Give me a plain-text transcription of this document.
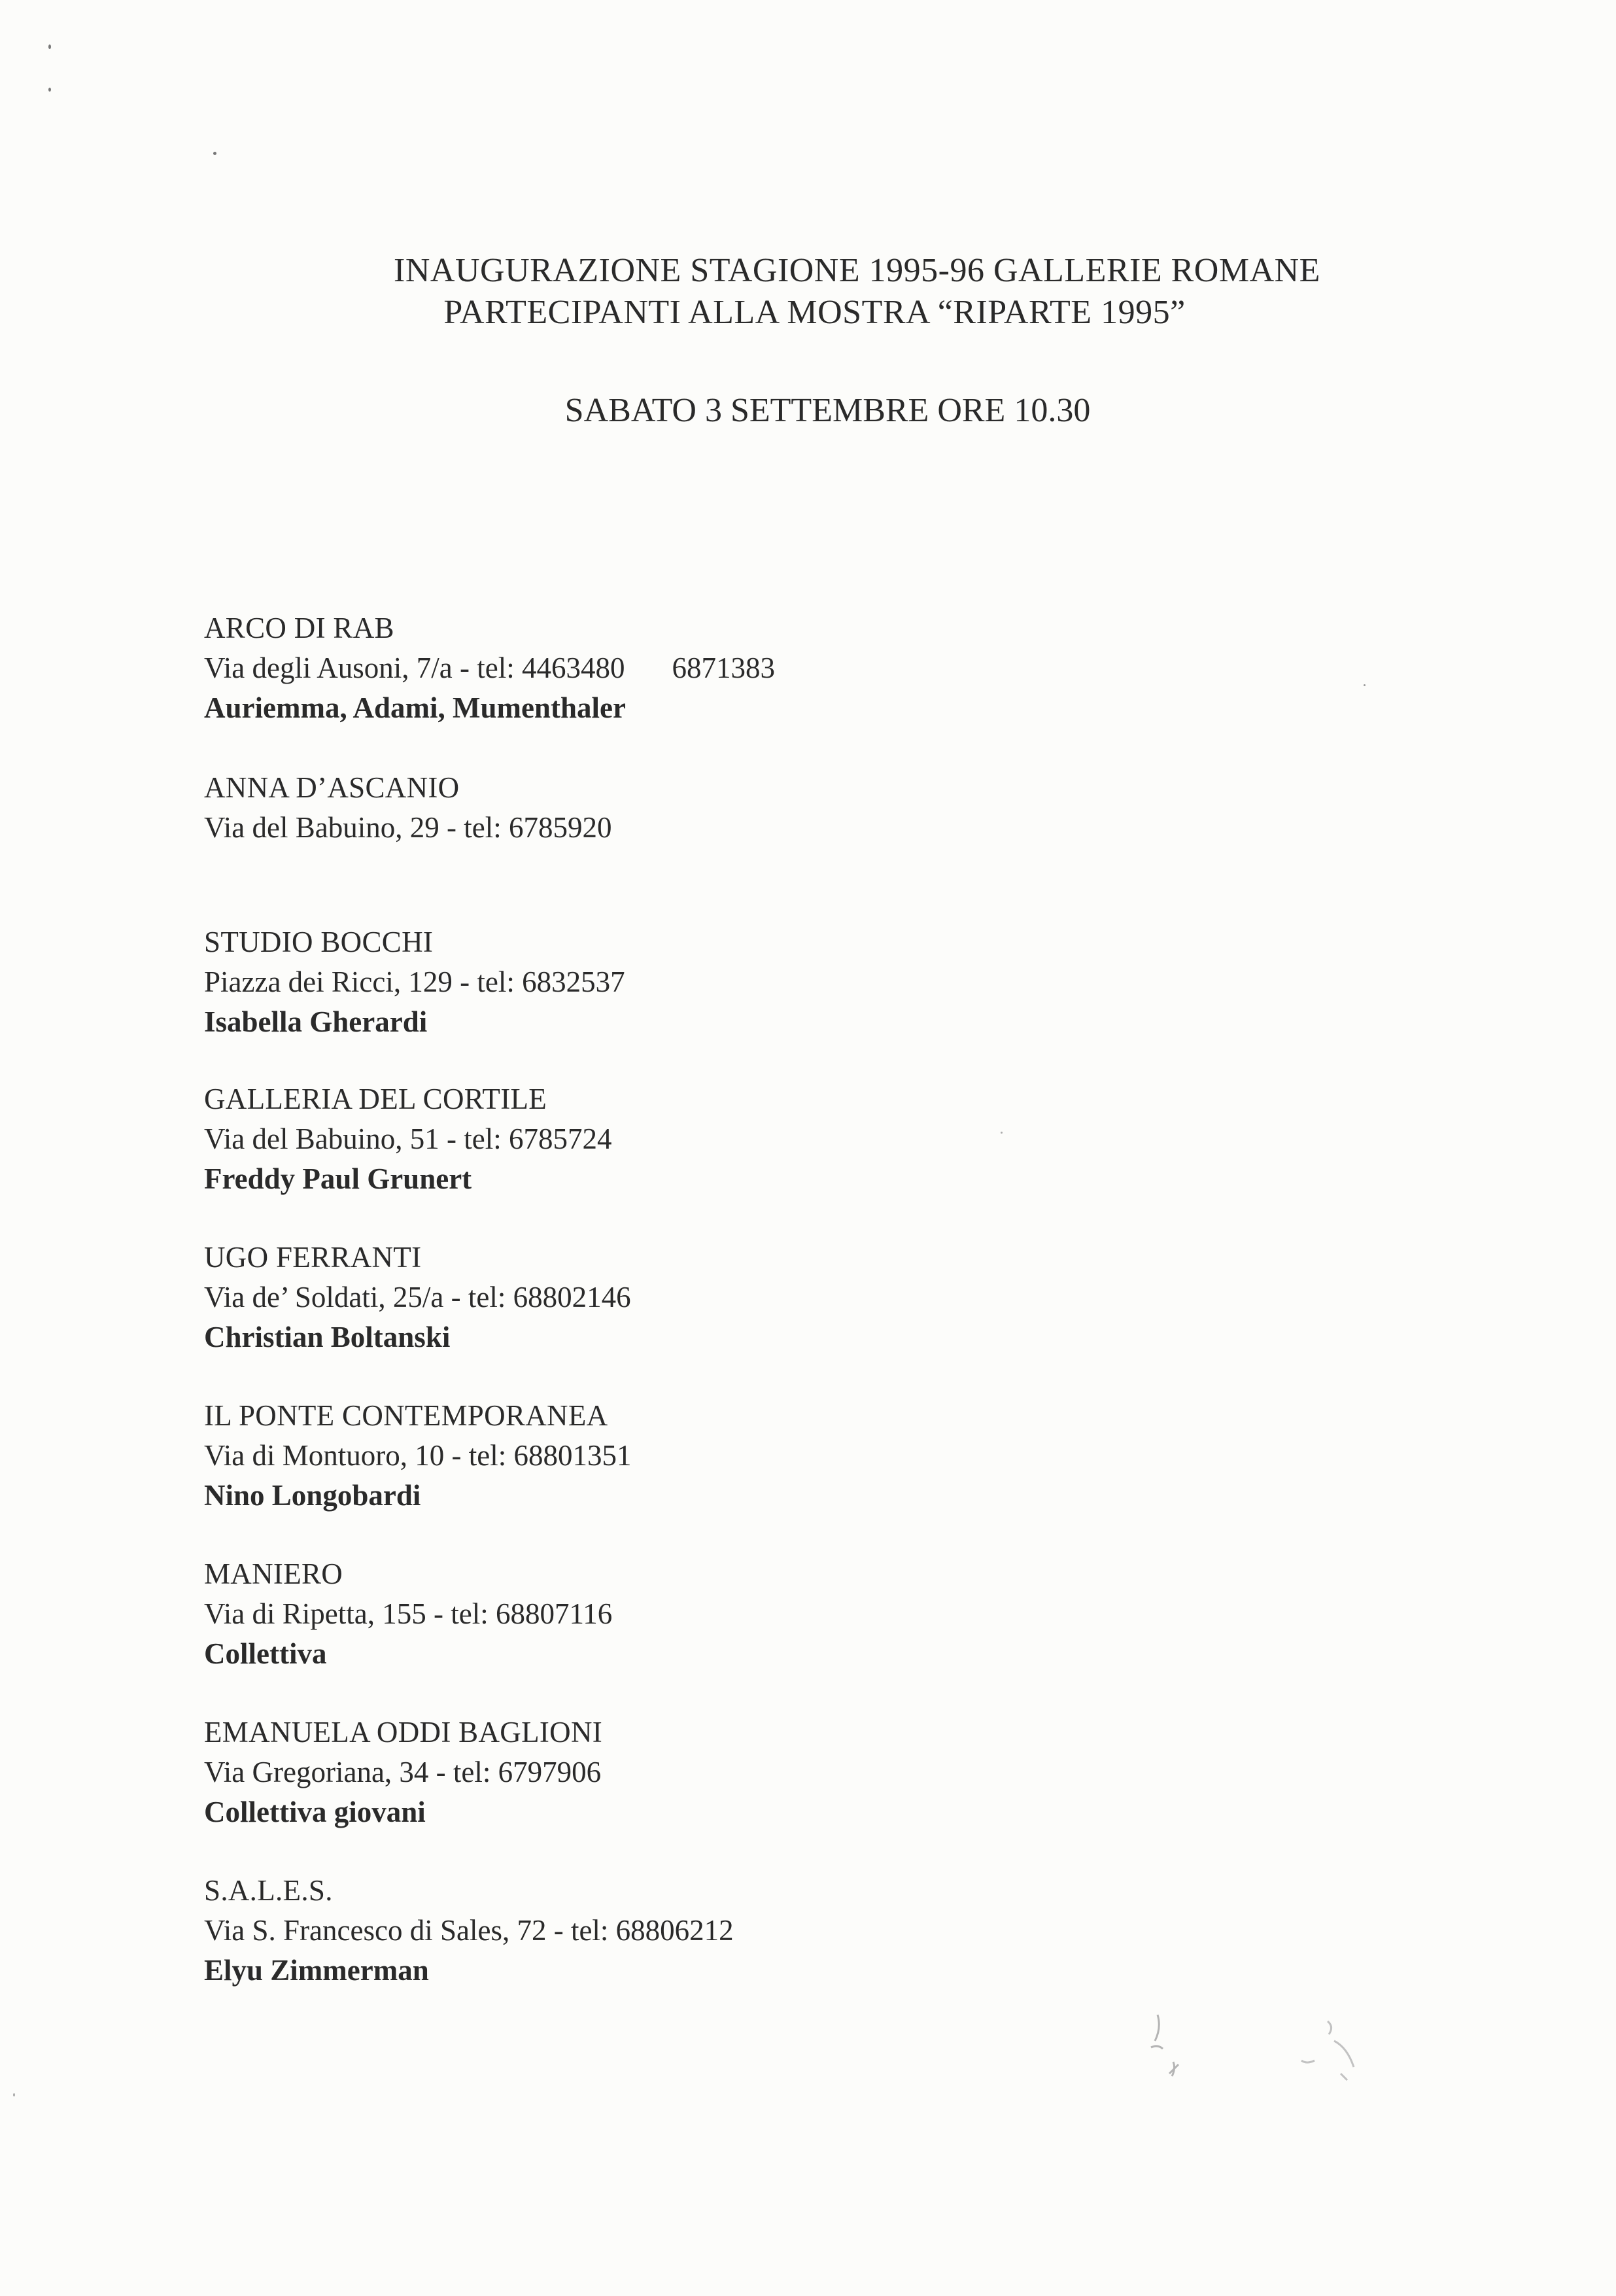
INAUGURAZIONE STAGIONE 1995-96 GALLERIE ROMANE
PARTECIPANTI ALLA MOSTRA “RIPARTE 1995”
SABATO 3 SETTEMBRE ORE 10.30
ARCO DI RAB
Via degli Ausoni, 7/a - tel: 4463480 6871383
Auriemma, Adami, Mumenthaler
ANNA D’ASCANIO
Via del Babuino, 29 - tel: 6785920
STUDIO BOCCHI
Piazza dei Ricci, 129 - tel: 6832537
Isabella Gherardi
GALLERIA DEL CORTILE
Via del Babuino, 51 - tel: 6785724
Freddy Paul Grunert
UGO FERRANTI
Via de’ Soldati, 25/a - tel: 68802146
Christian Boltanski
IL PONTE CONTEMPORANEA
Via di Montuoro, 10 - tel: 68801351
Nino Longobardi
MANIERO
Via di Ripetta, 155 - tel: 68807116
Collettiva
EMANUELA ODDI BAGLIONI
Via Gregoriana, 34 - tel: 6797906
Collettiva giovani
S.A.L.E.S.
Via S. Francesco di Sales, 72 - tel: 68806212
Elyu Zimmerman
